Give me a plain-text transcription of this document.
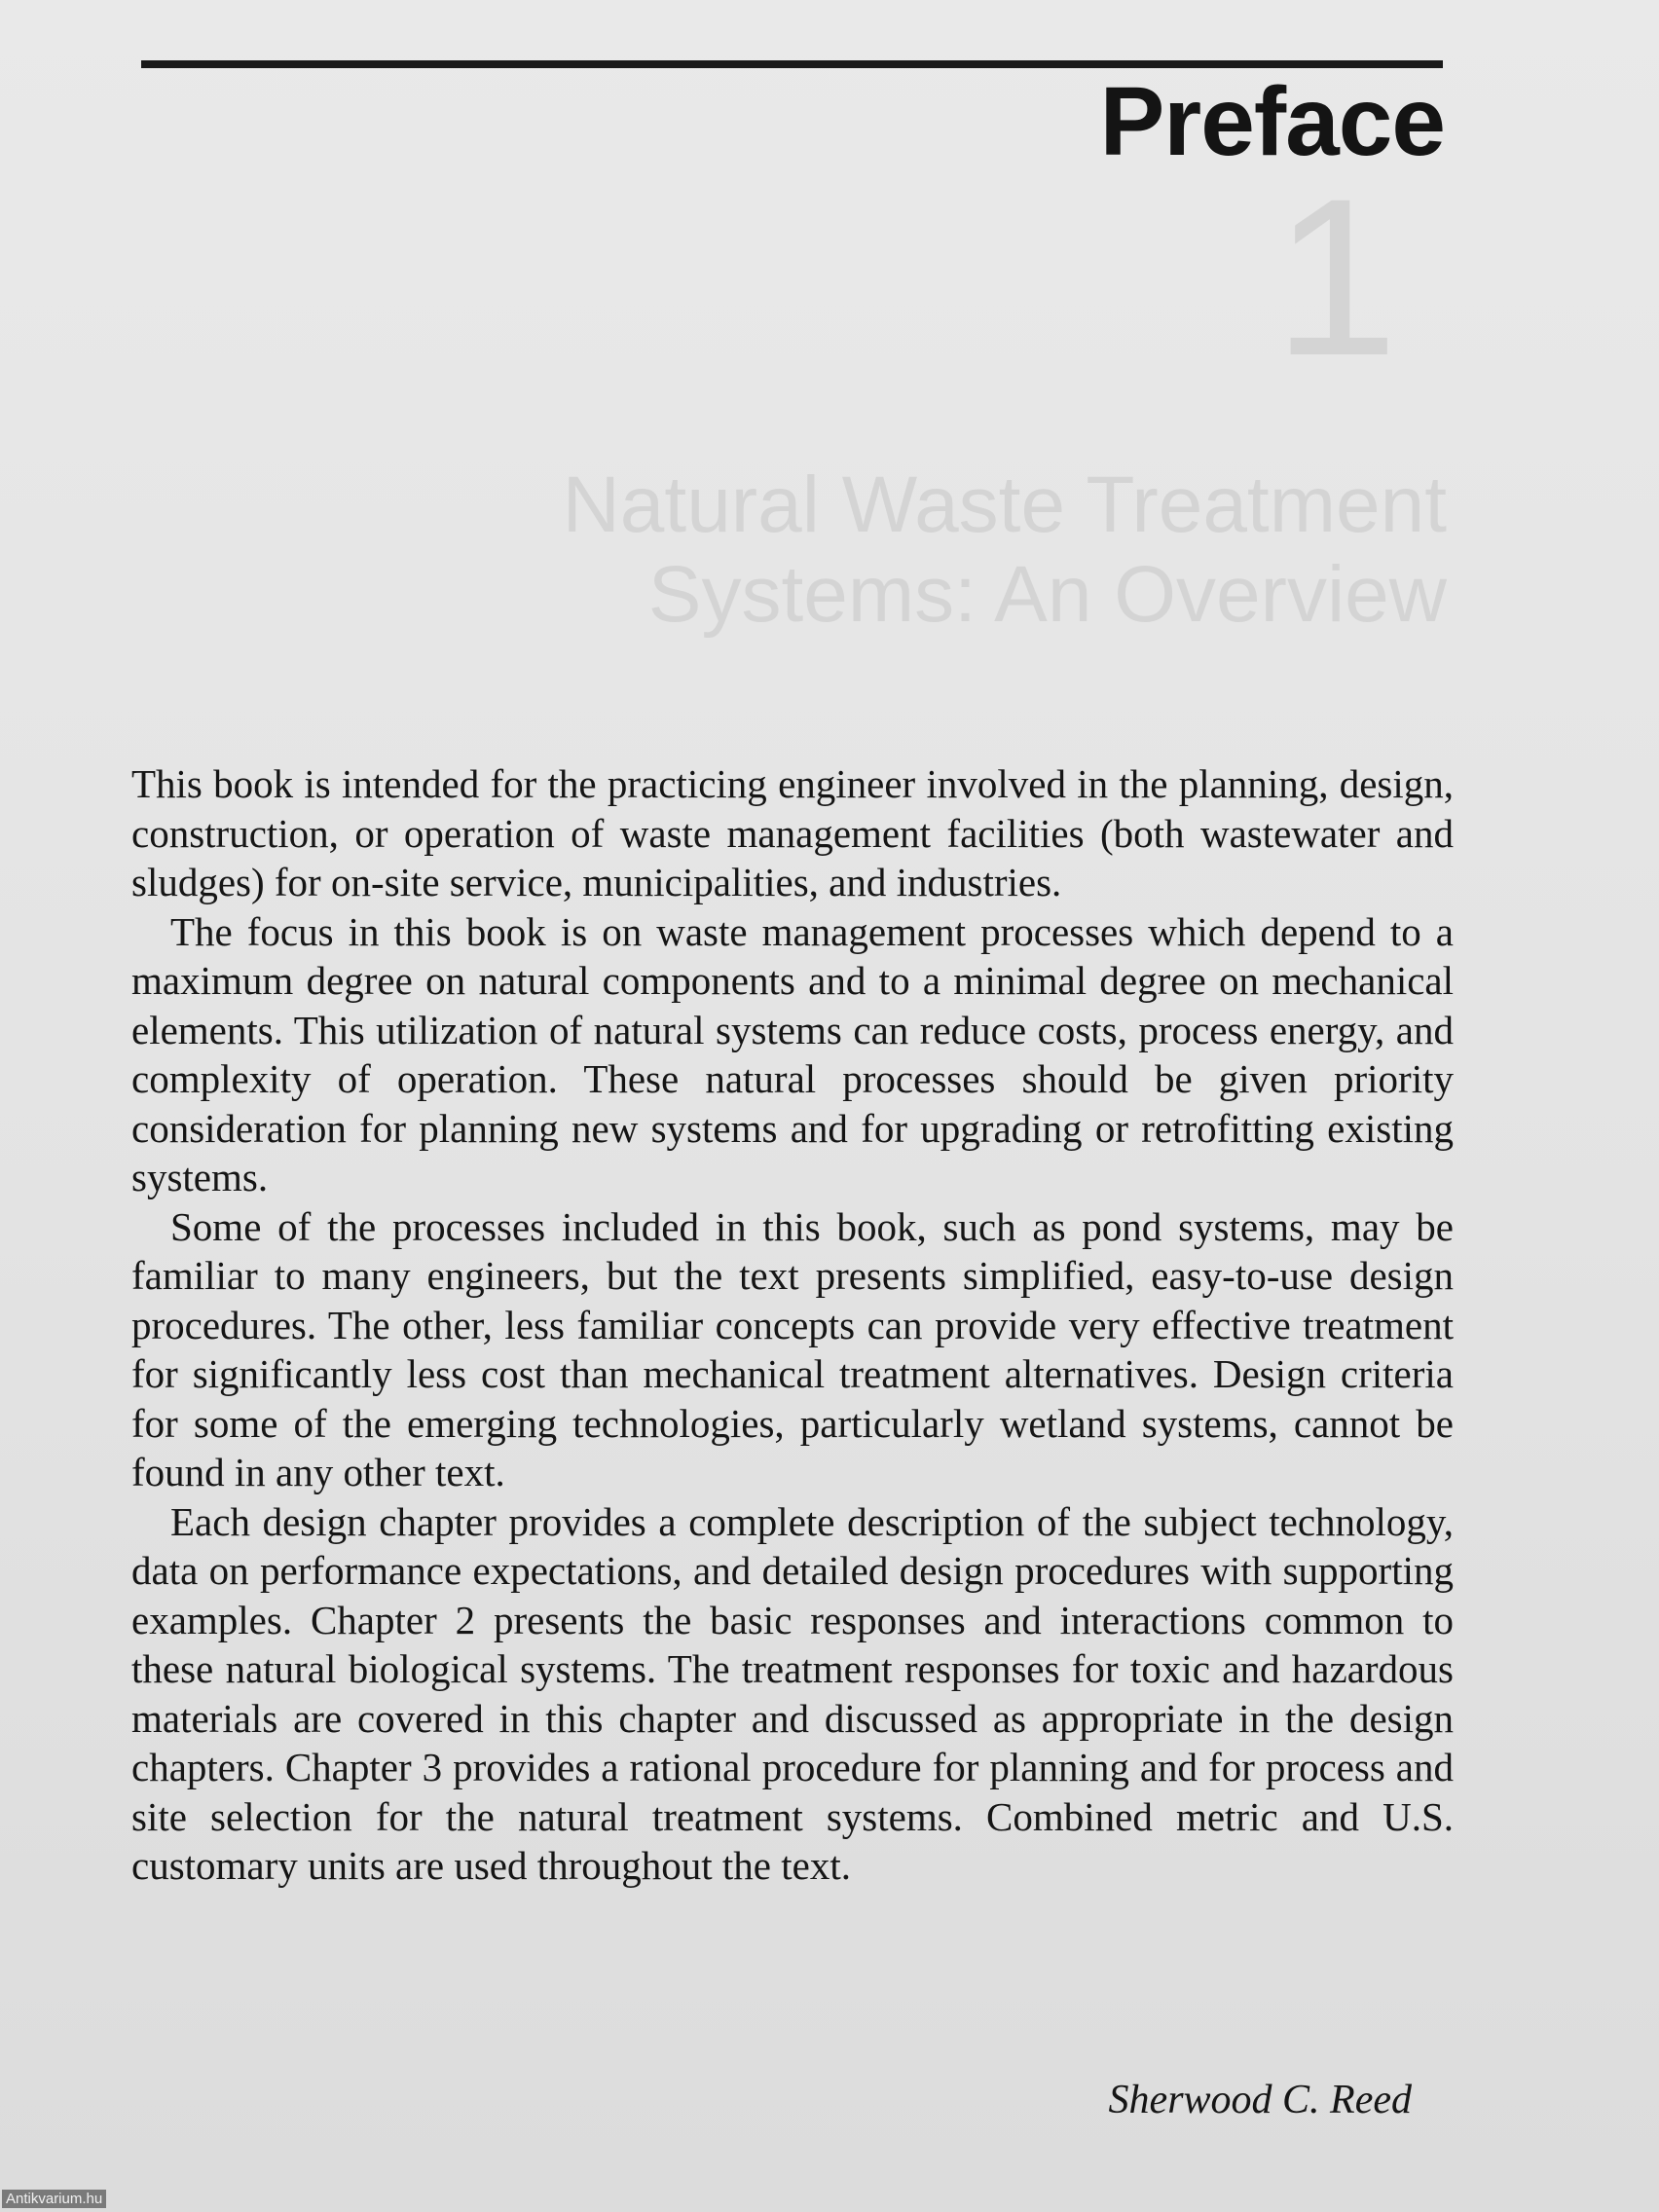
1
Natural Waste Treatment
Systems: An Overview
Preface

This book is intended for the practicing engineer involved in the planning, design, construction, or operation of waste management facilities (both wastewater and sludges) for on-site service, municipalities, and industries.

The focus in this book is on waste management processes which depend to a maximum degree on natural components and to a minimal degree on mechanical elements. This utilization of natural systems can reduce costs, process energy, and complexity of operation. These natural processes should be given priority consideration for planning new systems and for upgrading or retrofitting existing systems.

Some of the processes included in this book, such as pond systems, may be familiar to many engineers, but the text presents simplified, easy-to-use design procedures. The other, less familiar concepts can provide very effective treatment for significantly less cost than mechanical treatment alternatives. Design criteria for some of the emerging technologies, particularly wetland systems, cannot be found in any other text.

Each design chapter provides a complete description of the subject technology, data on performance expectations, and detailed design procedures with supporting examples. Chapter 2 presents the basic responses and interactions common to these natural biological systems. The treatment responses for toxic and hazardous materials are covered in this chapter and discussed as appropriate in the design chapters. Chapter 3 provides a rational procedure for planning and for process and site selection for the natural treatment systems. Combined metric and U.S. customary units are used throughout the text.

Sherwood C. Reed

Antikvarium.hu
